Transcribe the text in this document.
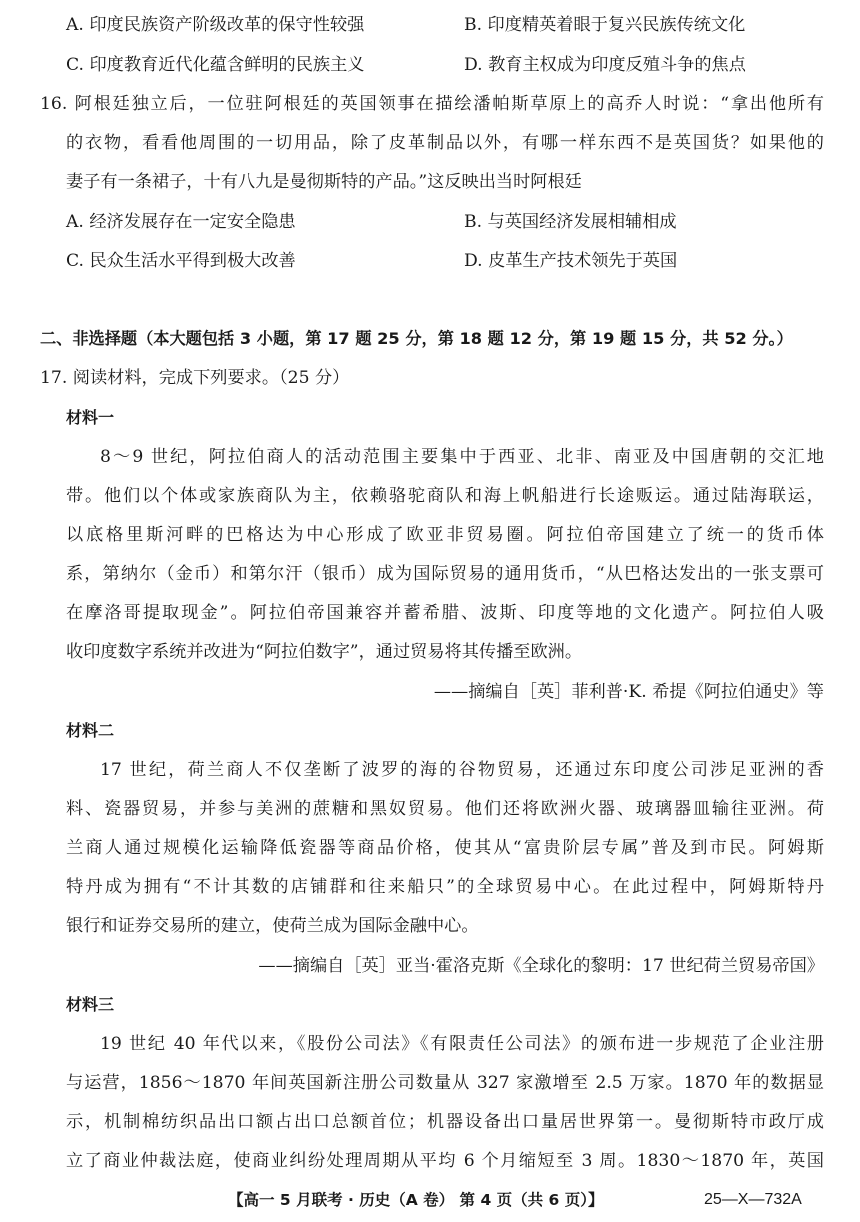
A. 印度民族资产阶级改革的保守性较强	B. 印度精英着眼于复兴民族传统文化
C. 印度教育近代化蕴含鲜明的民族主义	D. 教育主权成为印度反殖斗争的焦点
16. 阿根廷独立后，一位驻阿根廷的英国领事在描绘潘帕斯草原上的高乔人时说：“拿出他所有
的衣物，看看他周围的一切用品，除了皮革制品以外，有哪一样东西不是英国货？如果他的
妻子有一条裙子，十有八九是曼彻斯特的产品。”这反映出当时阿根廷
A. 经济发展存在一定安全隐患	B. 与英国经济发展相辅相成
C. 民众生活水平得到极大改善	D. 皮革生产技术领先于英国
二、非选择题（本大题包括 3 小题，第 17 题 25 分，第 18 题 12 分，第 19 题 15 分，共 52 分。）
17. 阅读材料，完成下列要求。（25 分）
材料一
8～9 世纪，阿拉伯商人的活动范围主要集中于西亚、北非、南亚及中国唐朝的交汇地
带。他们以个体或家族商队为主，依赖骆驼商队和海上帆船进行长途贩运。通过陆海联运，
以底格里斯河畔的巴格达为中心形成了欧亚非贸易圈。阿拉伯帝国建立了统一的货币体
系，第纳尔（金币）和第尔汗（银币）成为国际贸易的通用货币，“从巴格达发出的一张支票可
在摩洛哥提取现金”。阿拉伯帝国兼容并蓄希腊、波斯、印度等地的文化遗产。阿拉伯人吸
收印度数字系统并改进为“阿拉伯数字”，通过贸易将其传播至欧洲。
——摘编自［英］菲利普·K. 希提《阿拉伯通史》等
材料二
17 世纪，荷兰商人不仅垄断了波罗的海的谷物贸易，还通过东印度公司涉足亚洲的香
料、瓷器贸易，并参与美洲的蔗糖和黑奴贸易。他们还将欧洲火器、玻璃器皿输往亚洲。荷
兰商人通过规模化运输降低瓷器等商品价格，使其从“富贵阶层专属”普及到市民。阿姆斯
特丹成为拥有“不计其数的店铺群和往来船只”的全球贸易中心。在此过程中，阿姆斯特丹
银行和证券交易所的建立，使荷兰成为国际金融中心。
——摘编自［英］亚当·霍洛克斯《全球化的黎明：17 世纪荷兰贸易帝国》
材料三
19 世纪 40 年代以来，《股份公司法》《有限责任公司法》的颁布进一步规范了企业注册
与运营，1856～1870 年间英国新注册公司数量从 327 家激增至 2.5 万家。1870 年的数据显
示，机制棉纺织品出口额占出口总额首位；机器设备出口量居世界第一。曼彻斯特市政厅成
立了商业仲裁法庭，使商业纠纷处理周期从平均 6 个月缩短至 3 周。1830～1870 年，英国
【高一 5 月联考 · 历史（A 卷） 第 4 页（共 6 页）】	25—X—732A
